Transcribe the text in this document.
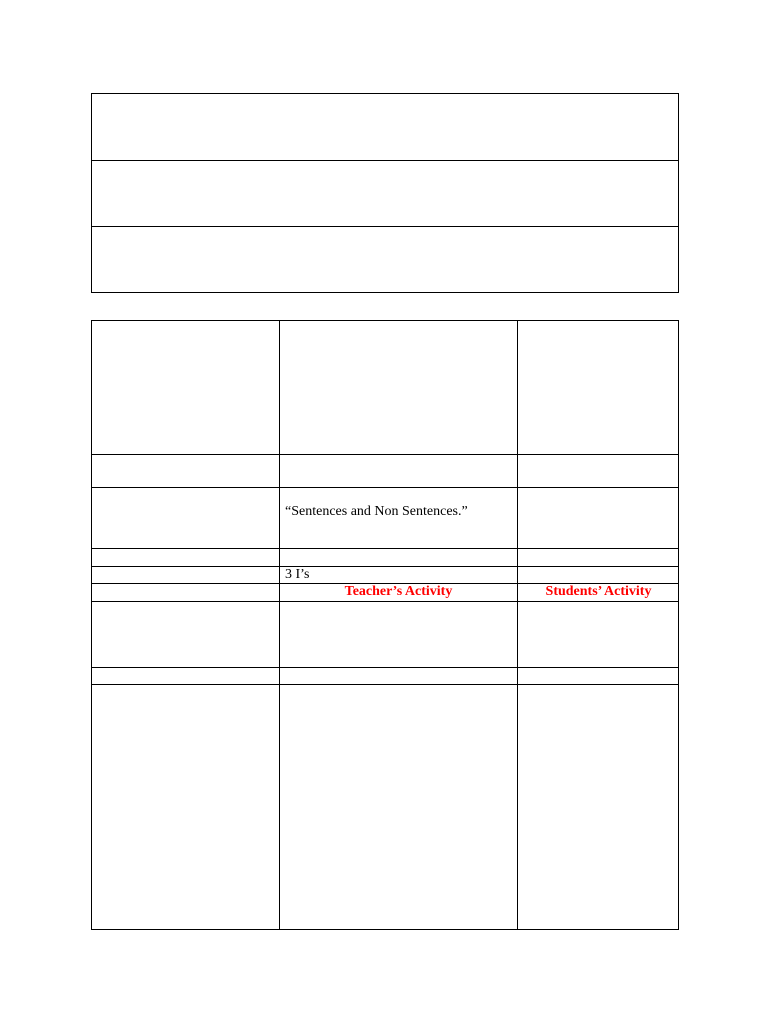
“Sentences and Non Sentences.”
3 I’s
Teacher’s Activity	Students’ Activity
